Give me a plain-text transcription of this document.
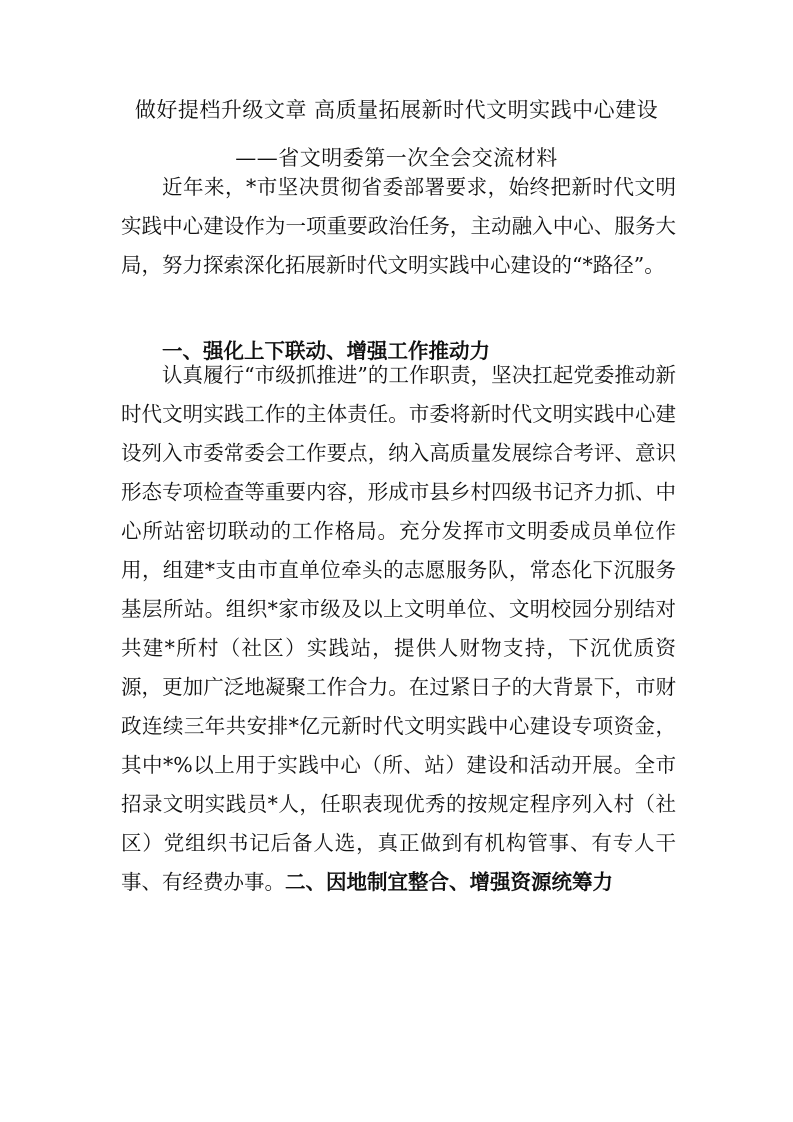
做好提档升级文章 高质量拓展新时代文明实践中心建设
——省文明委第一次全会交流材料

近年来，*市坚决贯彻省委部署要求，始终把新时代文明实践中心建设作为一项重要政治任务，主动融入中心、服务大局，努力探索深化拓展新时代文明实践中心建设的“*路径”。

一、强化上下联动、增强工作推动力

认真履行“市级抓推进”的工作职责，坚决扛起党委推动新时代文明实践工作的主体责任。市委将新时代文明实践中心建设列入市委常委会工作要点，纳入高质量发展综合考评、意识形态专项检查等重要内容，形成市县乡村四级书记齐力抓、中心所站密切联动的工作格局。充分发挥市文明委成员单位作用，组建*支由市直单位牵头的志愿服务队，常态化下沉服务基层所站。组织*家市级及以上文明单位、文明校园分别结对共建*所村（社区）实践站，提供人财物支持，下沉优质资源，更加广泛地凝聚工作合力。在过紧日子的大背景下，市财政连续三年共安排*亿元新时代文明实践中心建设专项资金，其中*%以上用于实践中心（所、站）建设和活动开展。全市招录文明实践员*人，任职表现优秀的按规定程序列入村（社区）党组织书记后备人选，真正做到有机构管事、有专人干事、有经费办事。二、因地制宜整合、增强资源统筹力
